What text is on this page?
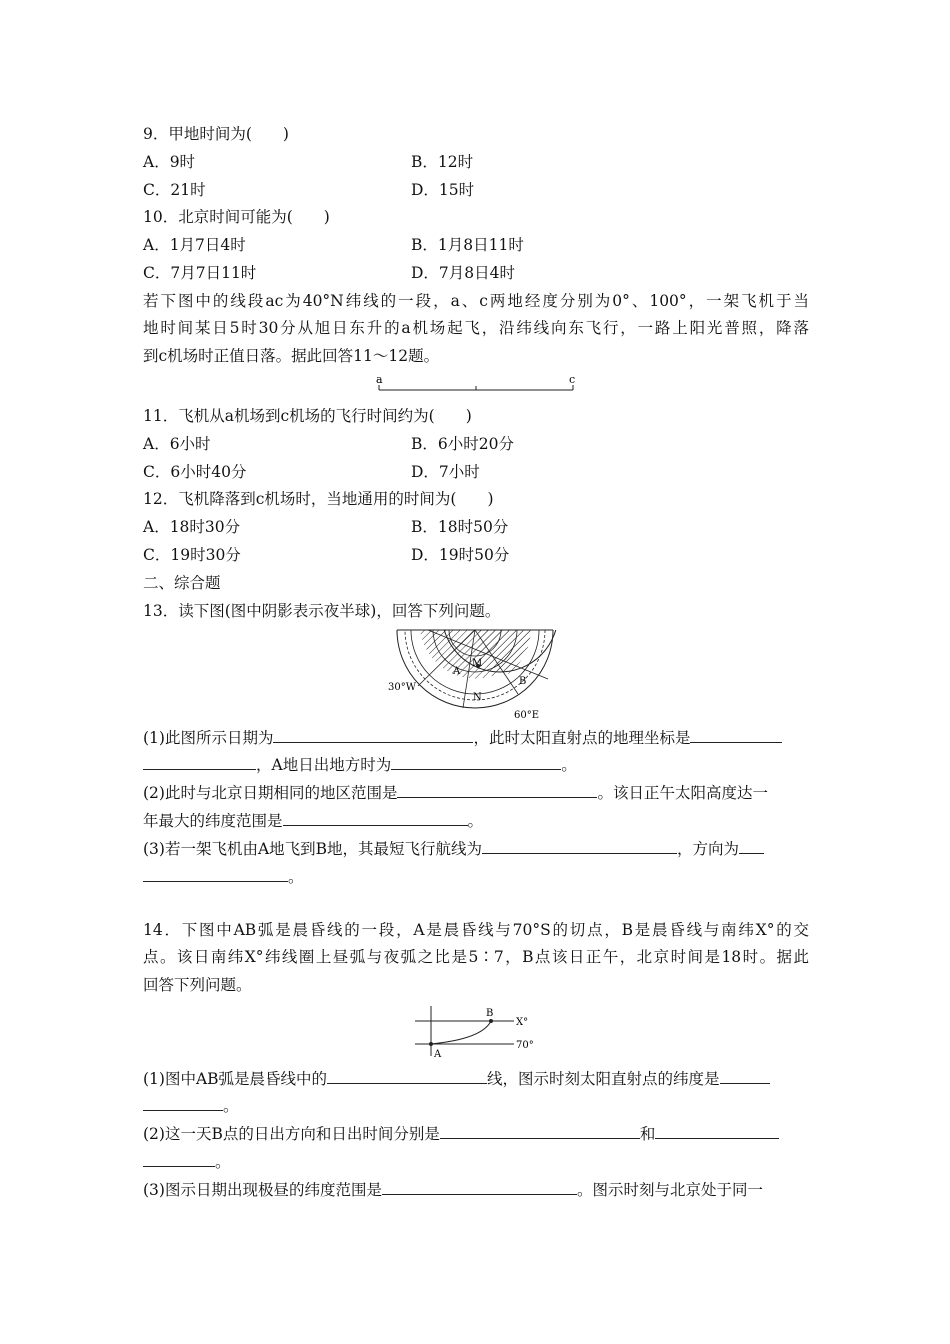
9．甲地时间为(　　)
A．9时	B．12时
C．21时	D．15时
10．北京时间可能为(　　)
A．1月7日4时	B．1月8日11时
C．7月7日11时	D．7月8日4时
若下图中的线段ac为40°N纬线的一段，a、c两地经度分别为0°、100°，一架飞机于当
地时间某日5时30分从旭日东升的a机场起飞，沿纬线向东飞行，一路上阳光普照，降落
到c机场时正值日落。据此回答11～12题。
a	c
11．飞机从a机场到c机场的飞行时间约为(　　)
A．6小时	B．6小时20分
C．6小时40分	D．7小时
12．飞机降落到c机场时，当地通用的时间为(　　)
A．18时30分	B．18时50分
C．19时30分	D．19时50分
二、综合题
13．读下图(图中阴影表示夜半球)，回答下列问题。
30°W
60°E
M
A
N
B
(1)此图所示日期为	，此时太阳直射点的地理坐标是
，A地日出地方时为	。
(2)此时与北京日期相同的地区范围是	。该日正午太阳高度达一
年最大的纬度范围是	。
(3)若一架飞机由A地飞到B地，其最短飞行航线为	，方向为
。
14．下图中AB弧是晨昏线的一段，A是晨昏线与70°S的切点，B是晨昏线与南纬X°的交
点。该日南纬X°纬线圈上昼弧与夜弧之比是5∶7，B点该日正午，北京时间是18时。据此
回答下列问题。
B
X°
70°
A
(1)图中AB弧是晨昏线中的	线，图示时刻太阳直射点的纬度是
。
(2)这一天B点的日出方向和日出时间分别是	和
。
(3)图示日期出现极昼的纬度范围是	。图示时刻与北京处于同一
